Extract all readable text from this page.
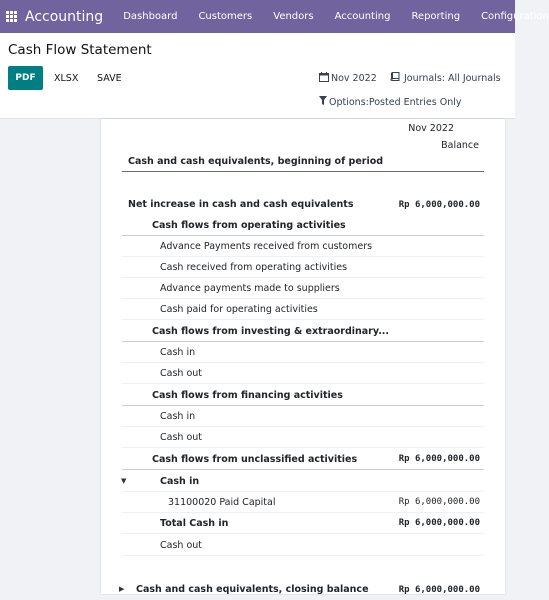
Accounting Dashboard Customers Vendors Accounting Reporting Configuration
Cash Flow Statement
PDF	XLSX SAVE	Nov 2022	Journals: All Journals
Options:Posted Entries Only
Nov 2022
Balance
Cash and cash equivalents, beginning of period
Net increase in cash and cash equivalents	Rp 6,000,000.00
Cash flows from operating activities
Advance Payments received from customers
Cash received from operating activities
Advance payments made to suppliers
Cash paid for operating activities
Cash flows from investing & extraordinary...
Cash in
Cash out
Cash flows from financing activities
Cash in
Cash out
Cash flows from unclassified activities	Rp 6,000,000.00
▼	Cash in
31100020 Paid Capital	Rp 6,000,000.00
Total Cash in	Rp 6,000,000.00
Cash out
▶	Cash and cash equivalents, closing balance	Rp 6,000,000.00
